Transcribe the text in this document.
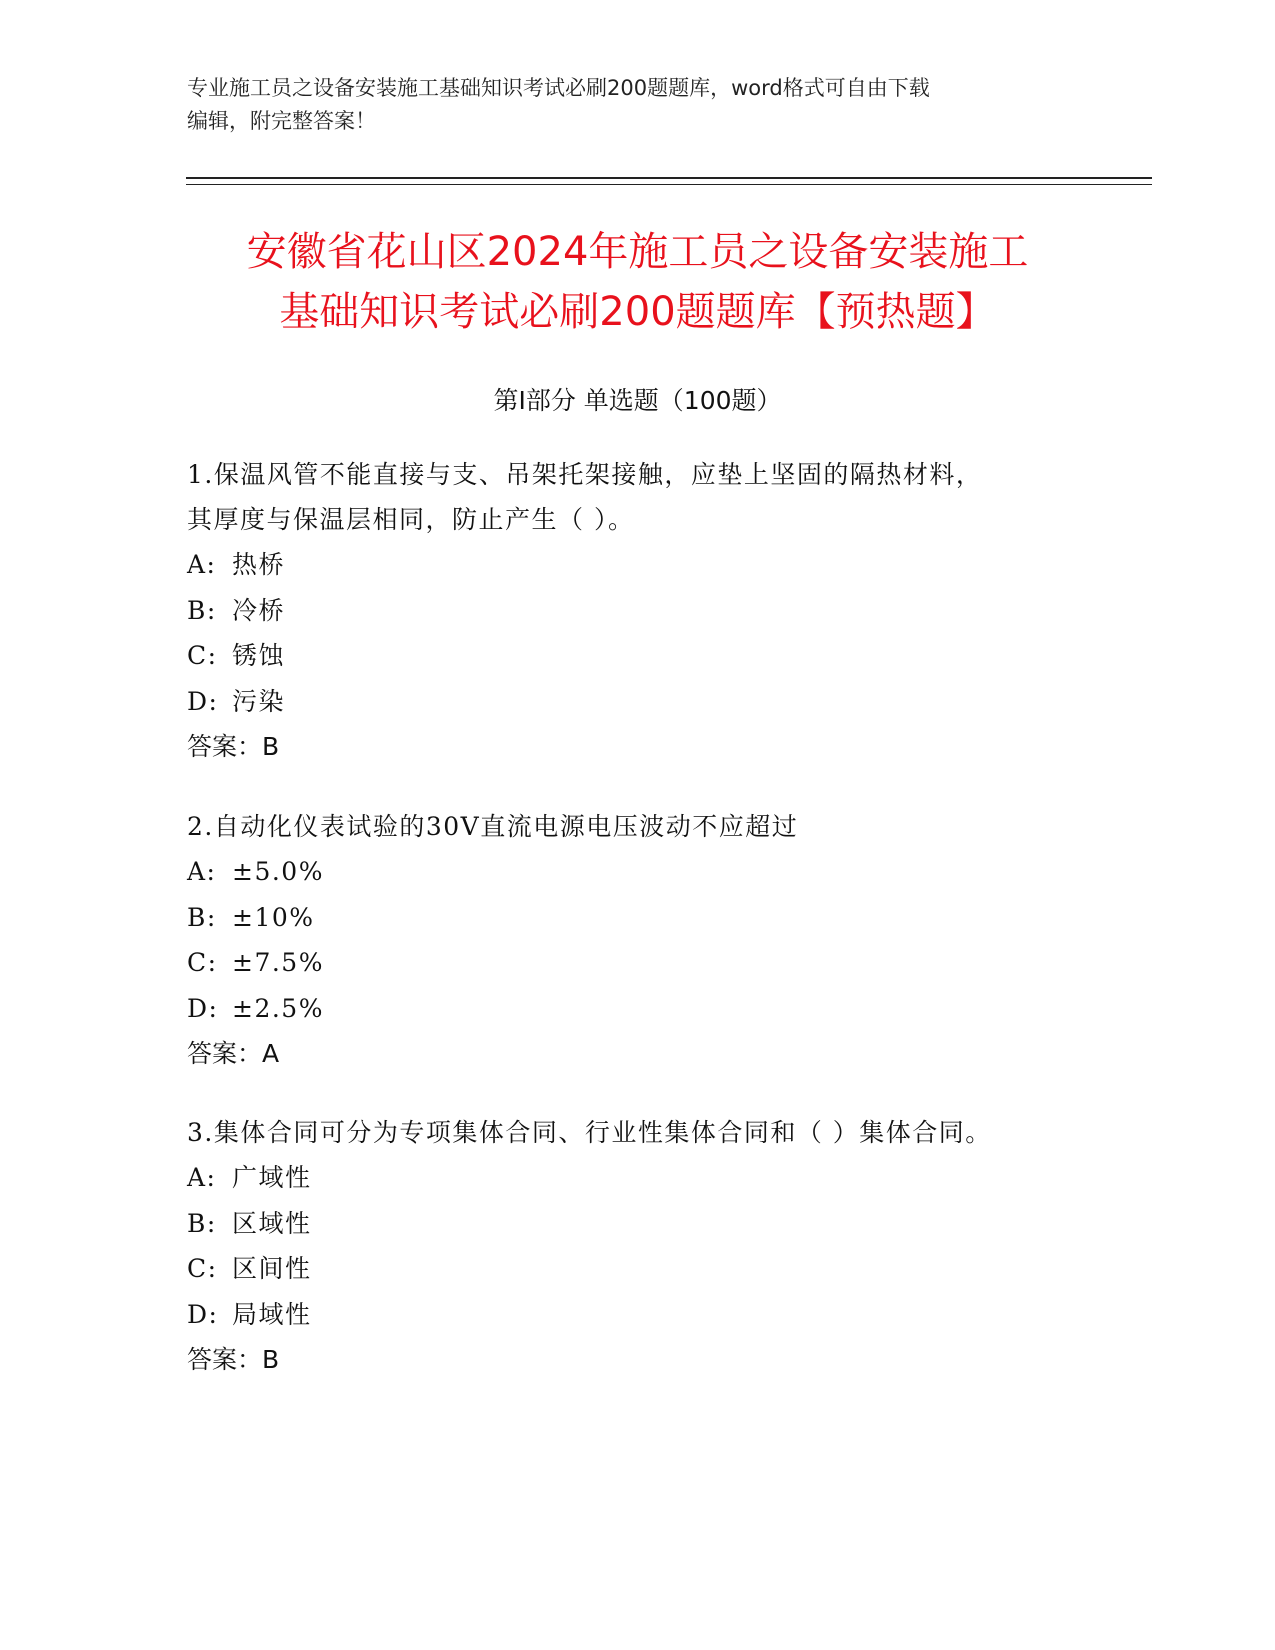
专业施工员之设备安装施工基础知识考试必刷200题题库，word格式可自由下载
编辑，附完整答案！
安徽省花山区2024年施工员之设备安装施工
基础知识考试必刷200题题库【预热题】
第I部分 单选题（100题）
1.保温风管不能直接与支、吊架托架接触，应垫上坚固的隔热材料，
其厚度与保温层相同，防止产生（ ）。
A: 热桥
B: 冷桥
C: 锈蚀
D: 污染
答案：B
2.自动化仪表试验的30V直流电源电压波动不应超过
A: ±5.0%
B: ±10%
C: ±7.5%
D: ±2.5%
答案：A
3.集体合同可分为专项集体合同、行业性集体合同和（ ）集体合同。
A: 广域性
B: 区域性
C: 区间性
D: 局域性
答案：B
